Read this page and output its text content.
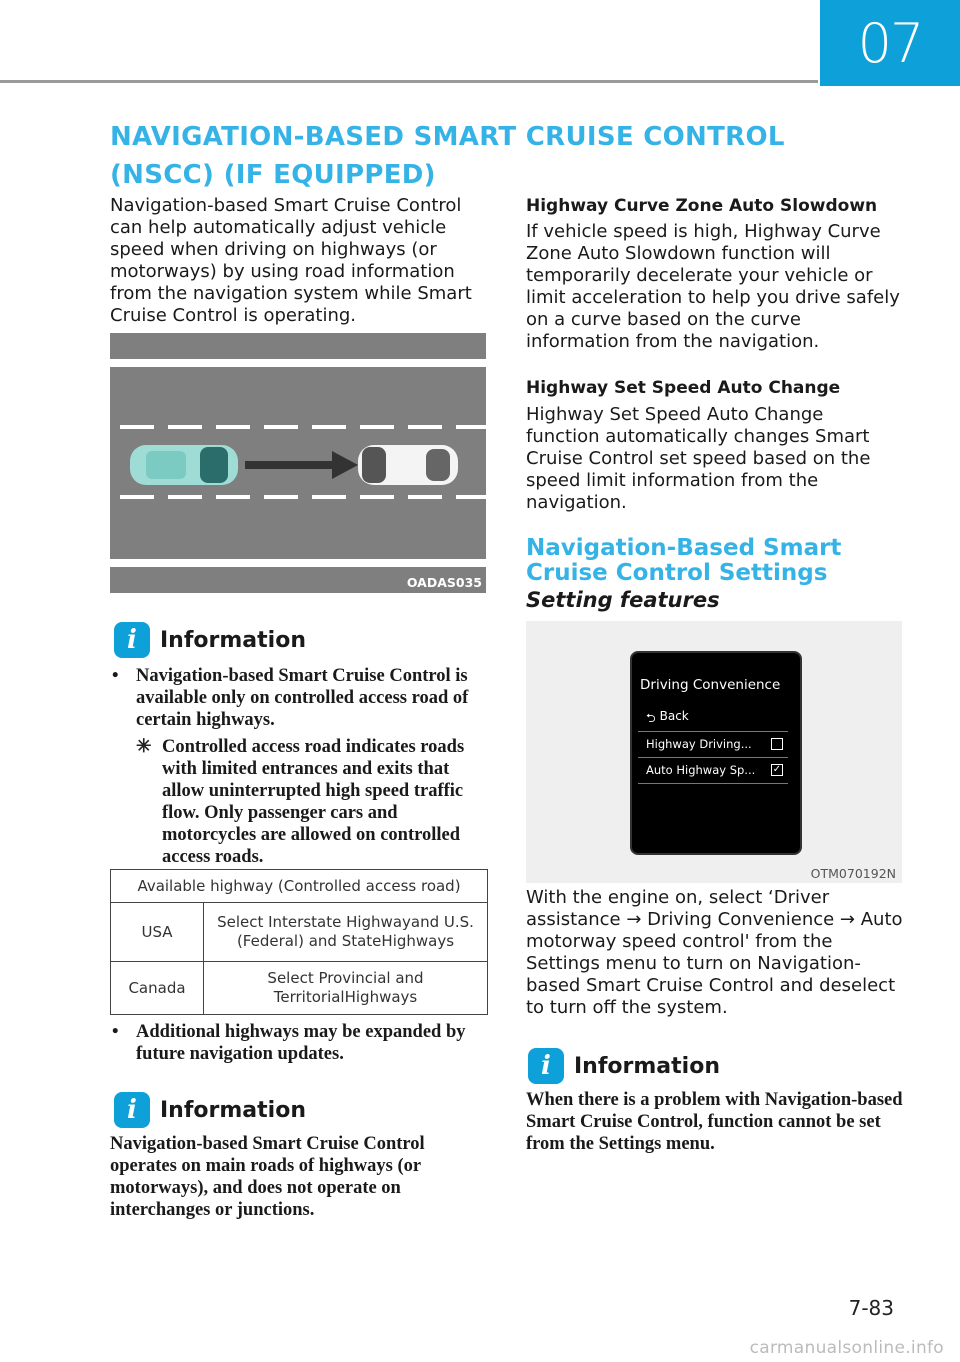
07
NAVIGATION-BASED SMART CRUISE CONTROL (NSCC) (IF EQUIPPED)
Navigation-based Smart Cruise Control can help automatically adjust vehicle speed when driving on highways (or motorways) by using road information from the navigation system while Smart Cruise Control is operating.
OADAS035
i	Information
• Navigation-based Smart Cruise Control is available only on controlled access road of certain highways.
✳ Controlled access road indicates roads with limited entrances and exits that allow uninterrupted high speed traffic flow. Only passenger cars and motorcycles are allowed on controlled access roads.
Available highway (Controlled access road)	
USA	Select Interstate Highwayand U.S. (Federal) and StateHighways
Canada	Select Provincial and TerritorialHighways
• Additional highways may be expanded by future navigation updates.
i	Information
Navigation-based Smart Cruise Control operates on main roads of highways (or motorways), and does not operate on interchanges or junctions.
Highway Curve Zone Auto Slowdown
If vehicle speed is high, Highway Curve Zone Auto Slowdown function will temporarily decelerate your vehicle or limit acceleration to help you drive safely on a curve based on the curve information from the navigation.
Highway Set Speed Auto Change
Highway Set Speed Auto Change function automatically changes Smart Cruise Control set speed based on the speed limit information from the navigation.
Navigation-Based Smart Cruise Control Settings
Setting features
Driving Convenience
⮌ Back
Highway Driving...
Auto Highway Sp... ✓
OTM070192N
With the engine on, select ‘Driver assistance → Driving Convenience → Auto motorway speed control' from the Settings menu to turn on Navigation-based Smart Cruise Control and deselect to turn off the system.
i	Information
When there is a problem with Navigation-based Smart Cruise Control, function cannot be set from the Settings menu.
7-83
carmanualsonline.info
